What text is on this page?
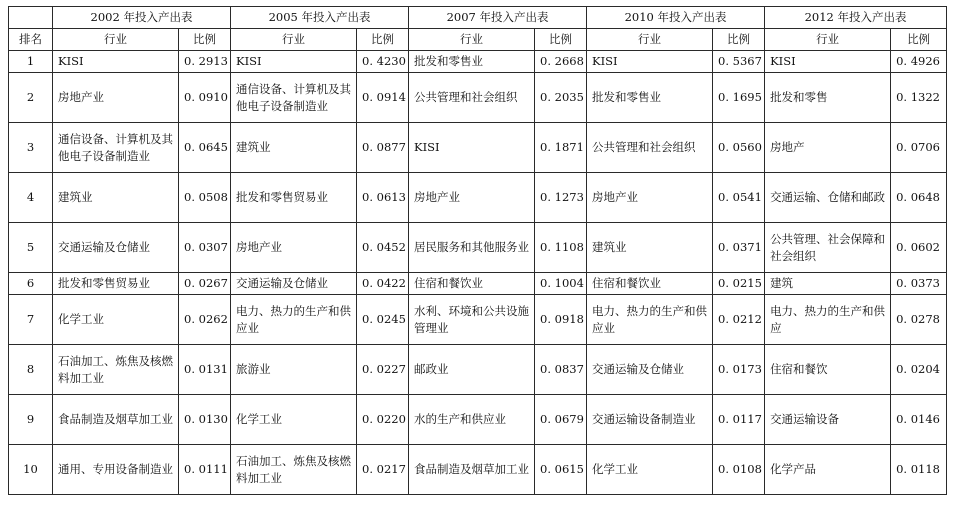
	2002 年投入产出表		2005 年投入产出表		2007 年投入产出表		2010 年投入产出表		2012 年投入产出表	
排名	行业	比例	行业	比例	行业	比例	行业	比例	行业	比例
1	KISI	0. 2913	KISI	0. 4230	批发和零售业	0. 2668	KISI	0. 5367	KISI	0. 4926
2	房地产业	0. 0910	通信设备、计算机及其他电子设备制造业	0. 0914	公共管理和社会组织	0. 2035	批发和零售业	0. 1695	批发和零售	0. 1322
3	通信设备、计算机及其他电子设备制造业	0. 0645	建筑业	0. 0877	KISI	0. 1871	公共管理和社会组织	0. 0560	房地产	0. 0706
4	建筑业	0. 0508	批发和零售贸易业	0. 0613	房地产业	0. 1273	房地产业	0. 0541	交通运输、仓储和邮政	0. 0648
5	交通运输及仓储业	0. 0307	房地产业	0. 0452	居民服务和其他服务业	0. 1108	建筑业	0. 0371	公共管理、社会保障和社会组织	0. 0602
6	批发和零售贸易业	0. 0267	交通运输及仓储业	0. 0422	住宿和餐饮业	0. 1004	住宿和餐饮业	0. 0215	建筑	0. 0373
7	化学工业	0. 0262	电力、热力的生产和供应业	0. 0245	水利、环境和公共设施管理业	0. 0918	电力、热力的生产和供应业	0. 0212	电力、热力的生产和供应	0. 0278
8	石油加工、炼焦及核燃料加工业	0. 0131	旅游业	0. 0227	邮政业	0. 0837	交通运输及仓储业	0. 0173	住宿和餐饮	0. 0204
9	食品制造及烟草加工业	0. 0130	化学工业	0. 0220	水的生产和供应业	0. 0679	交通运输设备制造业	0. 0117	交通运输设备	0. 0146
10	通用、专用设备制造业	0. 0111	石油加工、炼焦及核燃料加工业	0. 0217	食品制造及烟草加工业	0. 0615	化学工业	0. 0108	化学产品	0. 0118
